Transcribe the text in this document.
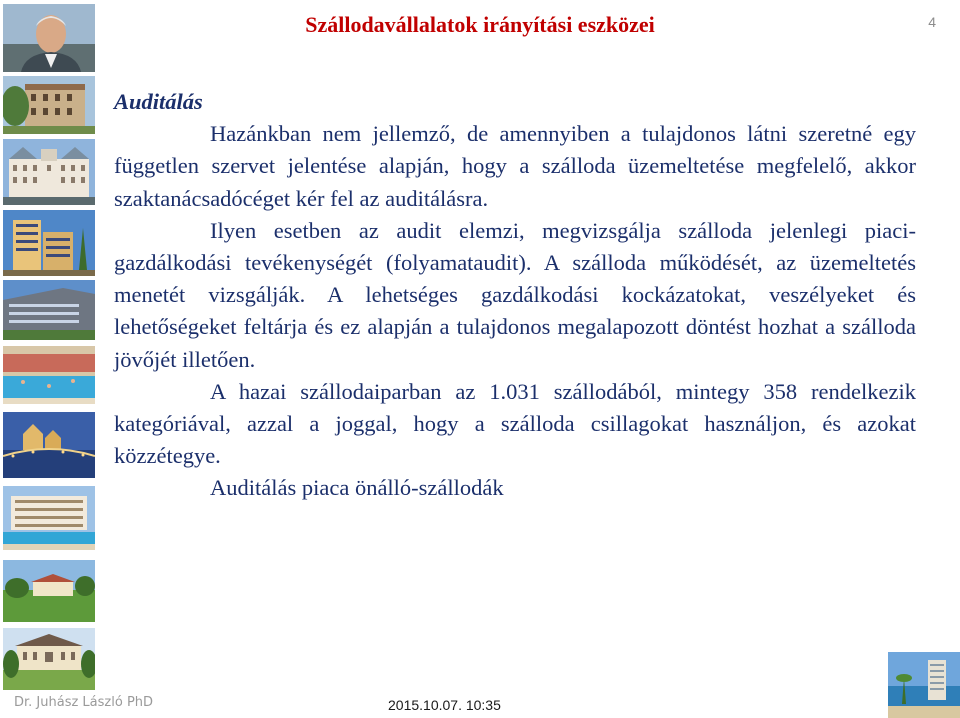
Szállodavállalatok irányítási eszközei	4

Auditálás

Hazánkban nem jellemző, de amennyiben a tulajdonos látni szeretné egy független szervet jelentése alapján, hogy a szálloda üzemeltetése megfelelő, akkor szaktanácsadócéget kér fel az auditálásra.

Ilyen esetben az audit elemzi, megvizsgálja szálloda jelenlegi piaci-gazdálkodási tevékenységét (folyamataudit). A szálloda működését, az üzemeltetés menetét vizsgálják. A lehetséges gazdálkodási kockázatokat, veszélyeket és lehetőségeket feltárja és ez alapján a tulajdonos megalapozott döntést hozhat a szálloda jövőjét illetően.

A hazai szállodaiparban az 1.031 szállodából, mintegy 358 rendelkezik kategóriával, azzal a joggal, hogy a szálloda csillagokat használjon, és azokat közzétegye.

Auditálás piaca önálló-szállodák

Dr. Juhász László PhD	2015.10.07. 10:35
